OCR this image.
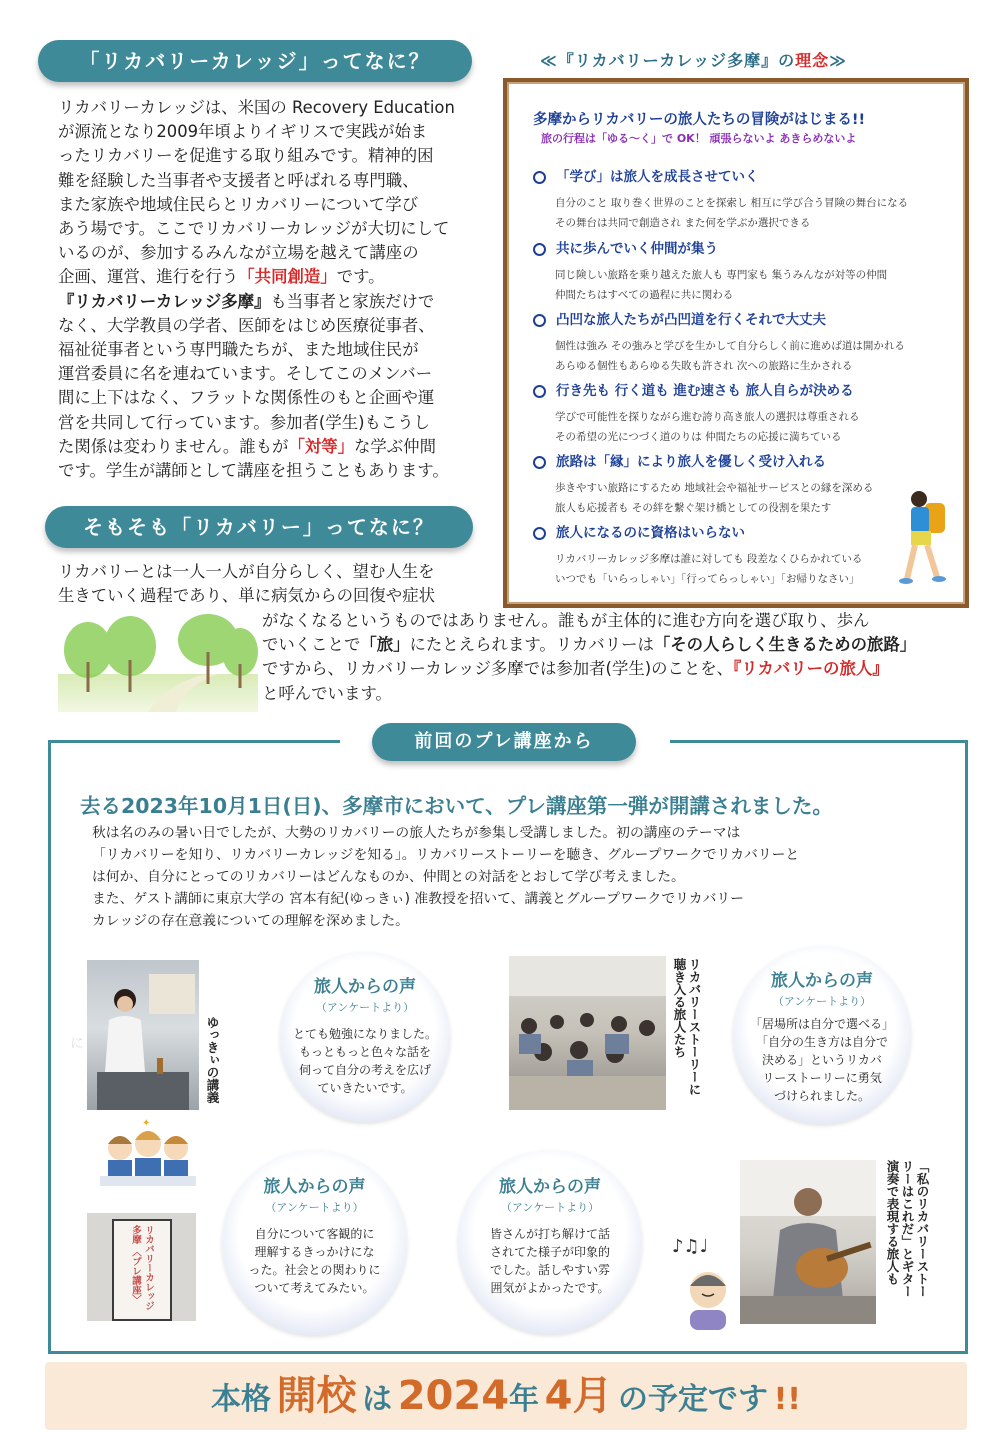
「リカバリーカレッジ」ってなに？
リカバリーカレッジは、米国の Recovery Education
が源流となり2009年頃よりイギリスで実践が始ま
ったリカバリーを促進する取り組みです。精神的困
難を経験した当事者や支援者と呼ばれる専門職、
また家族や地域住民らとリカバリーについて学び
あう場です。ここでリカバリーカレッジが大切にして
いるのが、参加するみんなが立場を越えて講座の
企画、運営、進行を行う「共同創造」です。
『リカバリーカレッジ多摩』も当事者と家族だけで
なく、大学教員の学者、医師をはじめ医療従事者、
福祉従事者という専門職たちが、また地域住民が
運営委員に名を連ねています。そしてこのメンバー
間に上下はなく、フラットな関係性のもと企画や運
営を共同して行っています。参加者(学生)もこうし
た関係は変わりません。誰もが「対等」な学ぶ仲間
です。学生が講師として講座を担うこともあります。
そもそも「リカバリー」ってなに？
リカバリーとは一人一人が自分らしく、望む人生を
生きていく過程であり、単に病気からの回復や症状
がなくなるというものではありません。誰もが主体的に進む方向を選び取り、歩ん
でいくことで「旅」にたとえられます。リカバリーは「その人らしく生きるための旅路」
ですから、リカバリーカレッジ多摩では参加者(学生)のことを、『リカバリーの旅人』
と呼んでいます。
≪『リカバリーカレッジ多摩』の理念≫
多摩からリカバリーの旅人たちの冒険がはじまる!!
旅の行程は「ゆる～く」で OK！ 頑張らないよ あきらめないよ
「学び」は旅人を成長させていく
自分のこと 取り巻く世界のことを探索し 相互に学び合う冒険の舞台になる
その舞台は共同で創造され また何を学ぶか選択できる
共に歩んでいく仲間が集う
同じ険しい旅路を乗り越えた旅人も 専門家も 集うみんなが対等の仲間
仲間たちはすべての過程に共に関わる
凸凹な旅人たちが凸凹道を行くそれで大丈夫
個性は強み その強みと学びを生かして自分らしく前に進めば道は開かれる
あらゆる個性もあらゆる失敗も許され 次への旅路に生かされる
行き先も 行く道も 進む速さも 旅人自らが決める
学びで可能性を探りながら進む誇り高き旅人の選択は尊重される
その希望の光につづく道のりは 仲間たちの応援に満ちている
旅路は「縁」により旅人を優しく受け入れる
歩きやすい旅路にするため 地域社会や福祉サービスとの縁を深める
旅人も応援者も その絆を繋ぐ架け橋としての役割を果たす
旅人になるのに資格はいらない
リカバリーカレッジ多摩は誰に対しても 段差なくひらかれている
いつでも「いらっしゃい」「行ってらっしゃい」「お帰りなさい」
前回のプレ講座から
去る2023年10月1日(日)、多摩市において、プレ講座第一弾が開講されました。
秋は名のみの暑い日でしたが、大勢のリカバリーの旅人たちが参集し受講しました。初の講座のテーマは
「リカバリーを知り、リカバリーカレッジを知る」。リカバリーストーリーを聴き、グループワークでリカバリーと
は何か、自分にとってのリカバリーはどんなものか、仲間との対話をとおして学び考えました。
また、ゲスト講師に東京大学の 宮本有紀(ゆっきぃ) 准教授を招いて、講義とグループワークでリカバリー
カレッジの存在意義についての理解を深めました。
ゆっきぃの講義
に
旅人からの声
（アンケートより）
とても勉強になりました。
もっともっと色々な話を
伺って自分の考えを広げ
ていきたいです。	リカバリーストーリーに
聴き入る旅人たち	旅人からの声
（アンケートより）
「居場所は自分で選べる」
「自分の生き方は自分で
決める」というリカバ
リーストーリーに勇気
づけられました。
✦
リカバリーカレッジ多摩 〈プレ講座〉
旅人からの声
（アンケートより）
自分について客観的に
理解するきっかけにな
った。社会との関わりに
ついて考えてみたい。
旅人からの声
（アンケートより）
皆さんが打ち解けて話
されてた様子が印象的
でした。話しやすい雰
囲気がよかったです。
♪♫♩	「私のリカバリーストー
リーはこれだ」とギター
演奏で表現する旅人も
本格 開校 は 2024年 4月 の予定です !!
